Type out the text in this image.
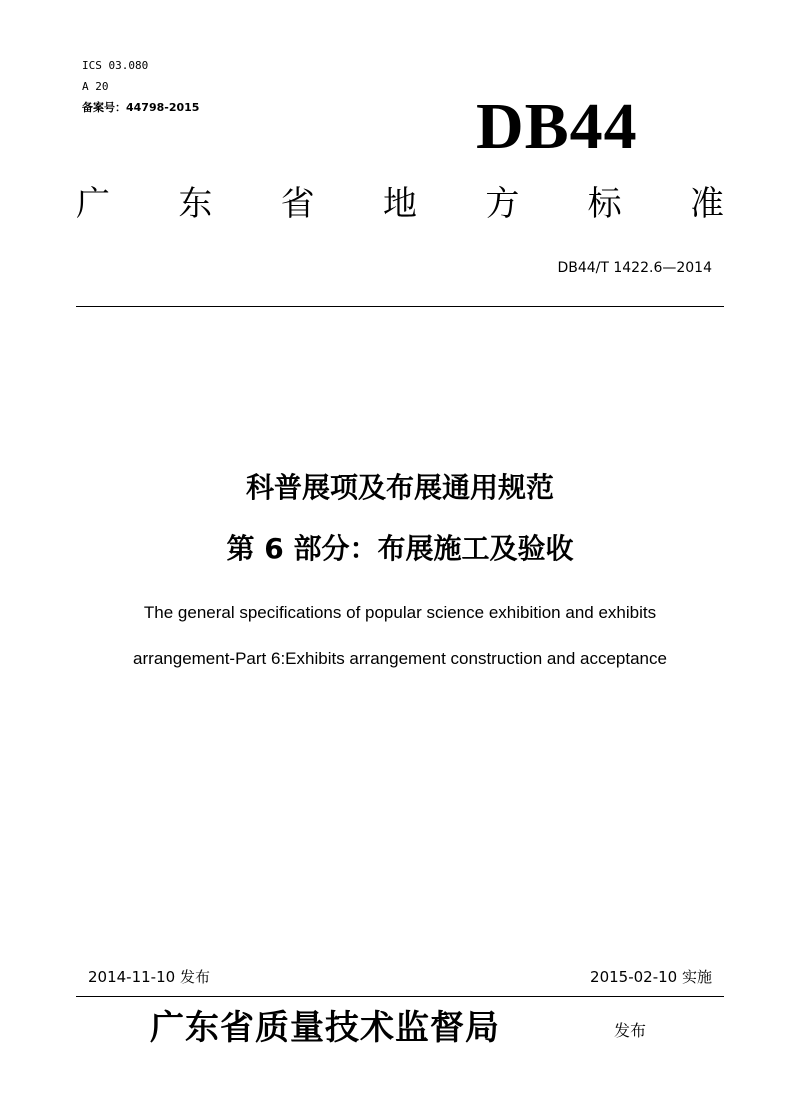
ICS 03.080
A 20
备案号：44798-2015	DB44
广 东 省 地 方 标 准
DB44/T 1422.6—2014
科普展项及布展通用规范
第 6 部分：布展施工及验收
The general specifications of popular science exhibition and exhibits
arrangement-Part 6:Exhibits arrangement construction and acceptance
2014-11-10 发布	2015-02-10 实施
广东省质量技术监督局	发布
